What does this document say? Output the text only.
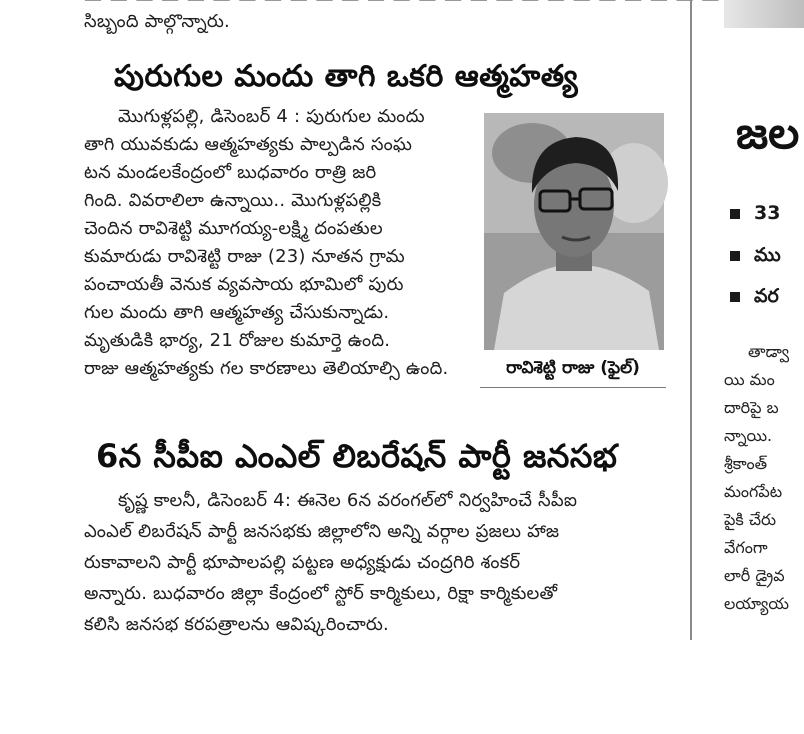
సిబ్బంది పాల్గొన్నారు.
పురుగుల మందు తాగి ఒకరి ఆత్మహత్య
మొగుళ్లపల్లి, డిసెంబర్ 4 : పురుగుల మందు
తాగి యువకుడు ఆత్మహత్యకు పాల్పడిన సంఘ
టన మండలకేంద్రంలో బుధవారం రాత్రి జరి
గింది. వివరాలిలా ఉన్నాయి.. మొగుళ్లపల్లికి
చెందిన రావిశెట్టి మూగయ్య-లక్ష్మి దంపతుల
కుమారుడు రావిశెట్టి రాజు (23) నూతన గ్రామ
పంచాయతీ వెనుక వ్యవసాయ భూమిలో పురు
గుల మందు తాగి ఆత్మహత్య చేసుకున్నాడు.
మృతుడికి భార్య, 21 రోజుల కుమార్తె ఉంది.
రాజు ఆత్మహత్యకు గల కారణాలు తెలియాల్సి ఉంది.	రావిశెట్టి రాజు (ఫైల్)
6న సీపీఐ ఎంఎల్ లిబరేషన్ పార్టీ జనసభ
కృష్ణ కాలనీ, డిసెంబర్ 4: ఈనెల 6న వరంగల్‌లో నిర్వహించే సీపీఐ
ఎంఎల్ లిబరేషన్ పార్టీ జనసభకు జిల్లాలోని అన్ని వర్గాల ప్రజలు హాజ
రుకావాలని పార్టీ భూపాలపల్లి పట్టణ అధ్యక్షుడు చంద్రగిరి శంకర్
అన్నారు. బుధవారం జిల్లా కేంద్రంలో స్టోర్ కార్మికులు, రిక్షా కార్మికులతో
కలిసి జనసభ కరపత్రాలను ఆవిష్కరించారు.
జల
33
ము
వర
తాడ్వా
యి మం
దారిపై బ
న్నాయి.
శ్రీకాంత్
మంగపేట
పైకి చేరు
వేగంగా
లారీ డ్రైవ
లయ్యాయ
